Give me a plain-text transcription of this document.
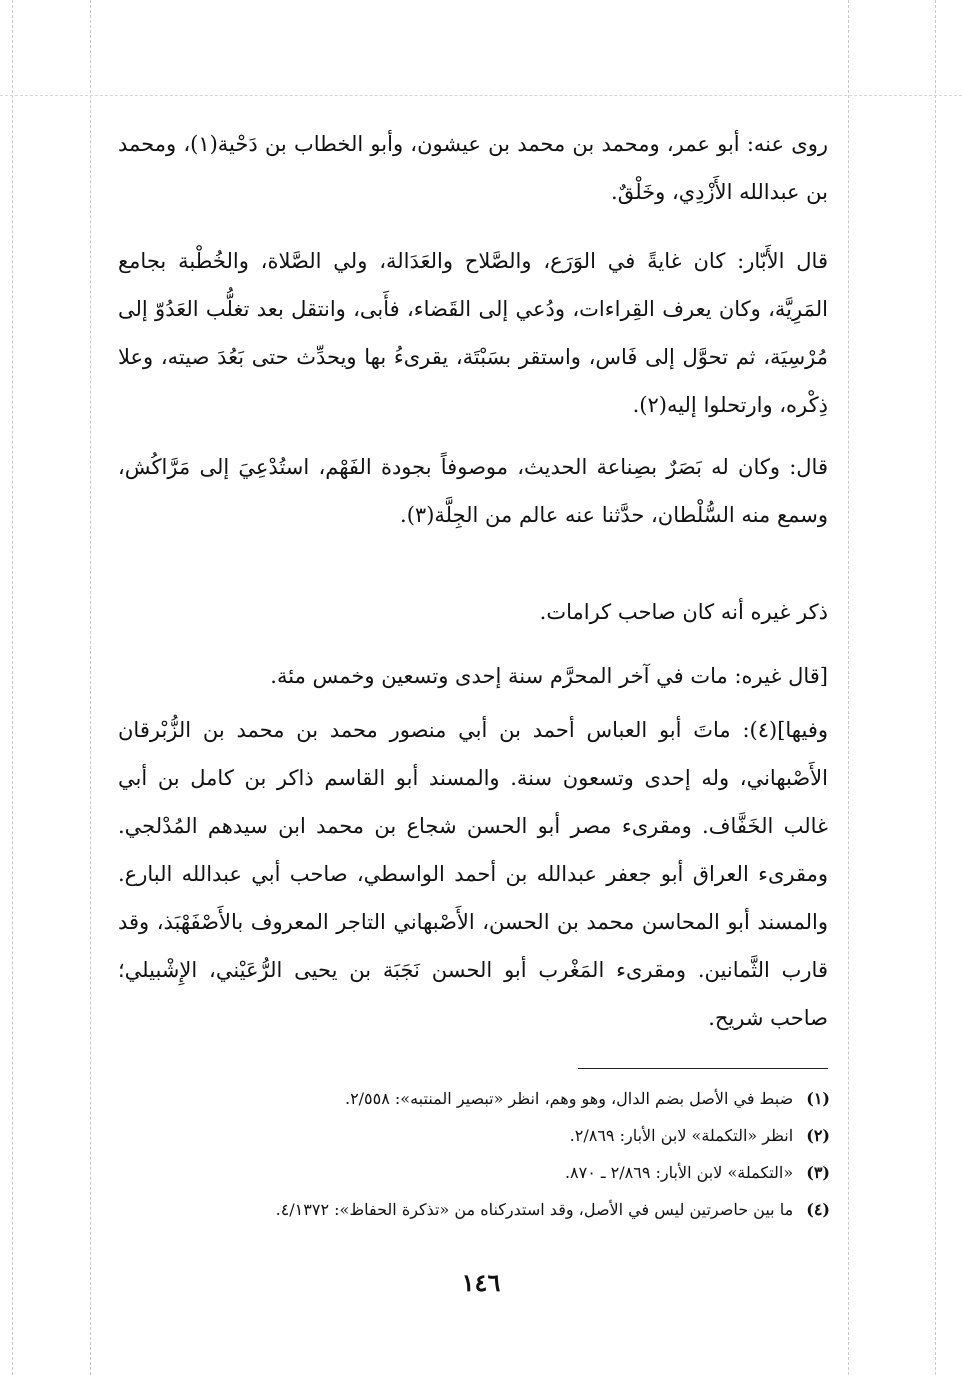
روى عنه: أبو عمر، ومحمد بن محمد بن عيشون، وأبو الخطاب بن دَحْية(١)، ومحمد بن عبدالله الأَزْدِي، وخَلْقٌ.

قال الأَبّار: كان غايةً في الوَرَع، والصَّلاح والعَدَالة، ولي الصَّلاة، والخُطْبة بجامع المَرِيَّة، وكان يعرف القِراءات، ودُعي إلى القَضاء، فأَبى، وانتقل بعد تغلُّب العَدُوّ إلى مُرْسِيَة، ثم تحوَّل إلى فَاس، واستقر بسَبْتَة، يقرىءُ بها ويحدِّث حتى بَعُدَ صيته، وعلا ذِكْره، وارتحلوا إليه(٢).

قال: وكان له بَصَرٌ بصِناعة الحديث، موصوفاً بجودة الفَهْم، استُدْعِيَ إلى مَرَّاكُش، وسمع منه السُّلْطان، حدَّثنا عنه عالم من الجِلَّة(٣).

ذكر غيره أنه كان صاحب كرامات.

[قال غيره: مات في آخر المحرَّم سنة إحدى وتسعين وخمس مئة.

وفيها](٤): ماتَ أبو العباس أحمد بن أبي منصور محمد بن محمد بن الزُّبْرقان الأَصْبهاني، وله إحدى وتسعون سنة. والمسند أبو القاسم ذاكر بن كامل بن أبي غالب الخَفَّاف. ومقرىء مصر أبو الحسن شجاع بن محمد ابن سيدهم المُدْلجي. ومقرىء العراق أبو جعفر عبدالله بن أحمد الواسطي، صاحب أبي عبدالله البارع. والمسند أبو المحاسن محمد بن الحسن، الأَصْبهاني التاجر المعروف بالأَصْفَهْبَذ، وقد قارب الثَّمانين. ومقرىء المَغْرب أبو الحسن نَجَبَة بن يحيى الرُّعَيْني، الإِشْبيلي؛ صاحب شريح.

(١) ضبط في الأصل بضم الدال، وهو وهم، انظر «تبصير المنتبه»: ٢/٥٥٨.
(٢) انظر «التكملة» لابن الأبار: ٢/٨٦٩.
(٣) «التكملة» لابن الأبار: ٢/٨٦٩ ـ ٨٧٠.
(٤) ما بين حاصرتين ليس في الأصل، وقد استدركناه من «تذكرة الحفاظ»: ٤/١٣٧٢.
١٤٦
